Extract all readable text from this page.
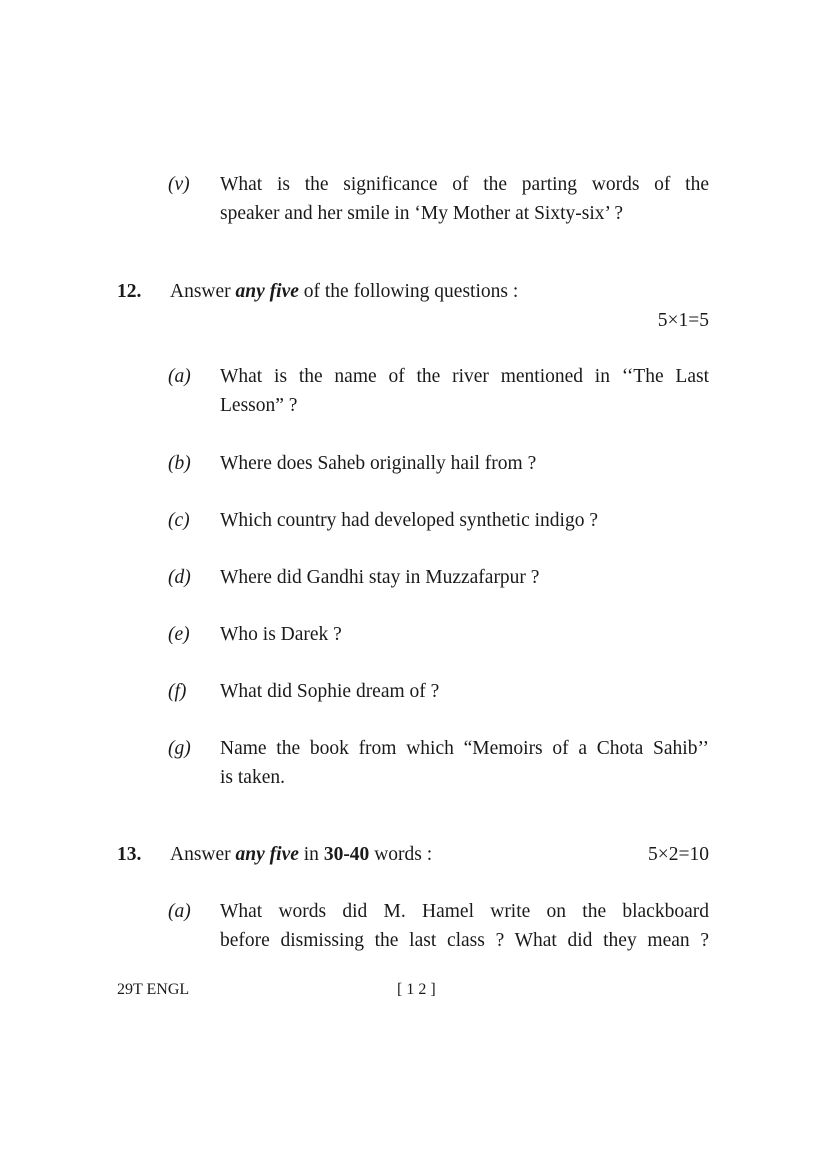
(v) What is the significance of the parting words of the
speaker and her smile in ‘My Mother at Sixty-six’ ?
12. Answer any five of the following questions :
5×1=5
(a) What is the name of the river mentioned in ‘‘The Last
Lesson” ?
(b) Where does Saheb originally hail from ?
(c) Which country had developed synthetic indigo ?
(d) Where did Gandhi stay in Muzzafarpur ?
(e) Who is Darek ?
(f) What did Sophie dream of ?
(g) Name the book from which “Memoirs of a Chota Sahib’’
is taken.
13. Answer any five in 30-40 words :	5×2=10
(a) What words did M. Hamel write on the blackboard
before dismissing the last class ? What did they mean ?
29T ENGL	[ 1 2 ]
